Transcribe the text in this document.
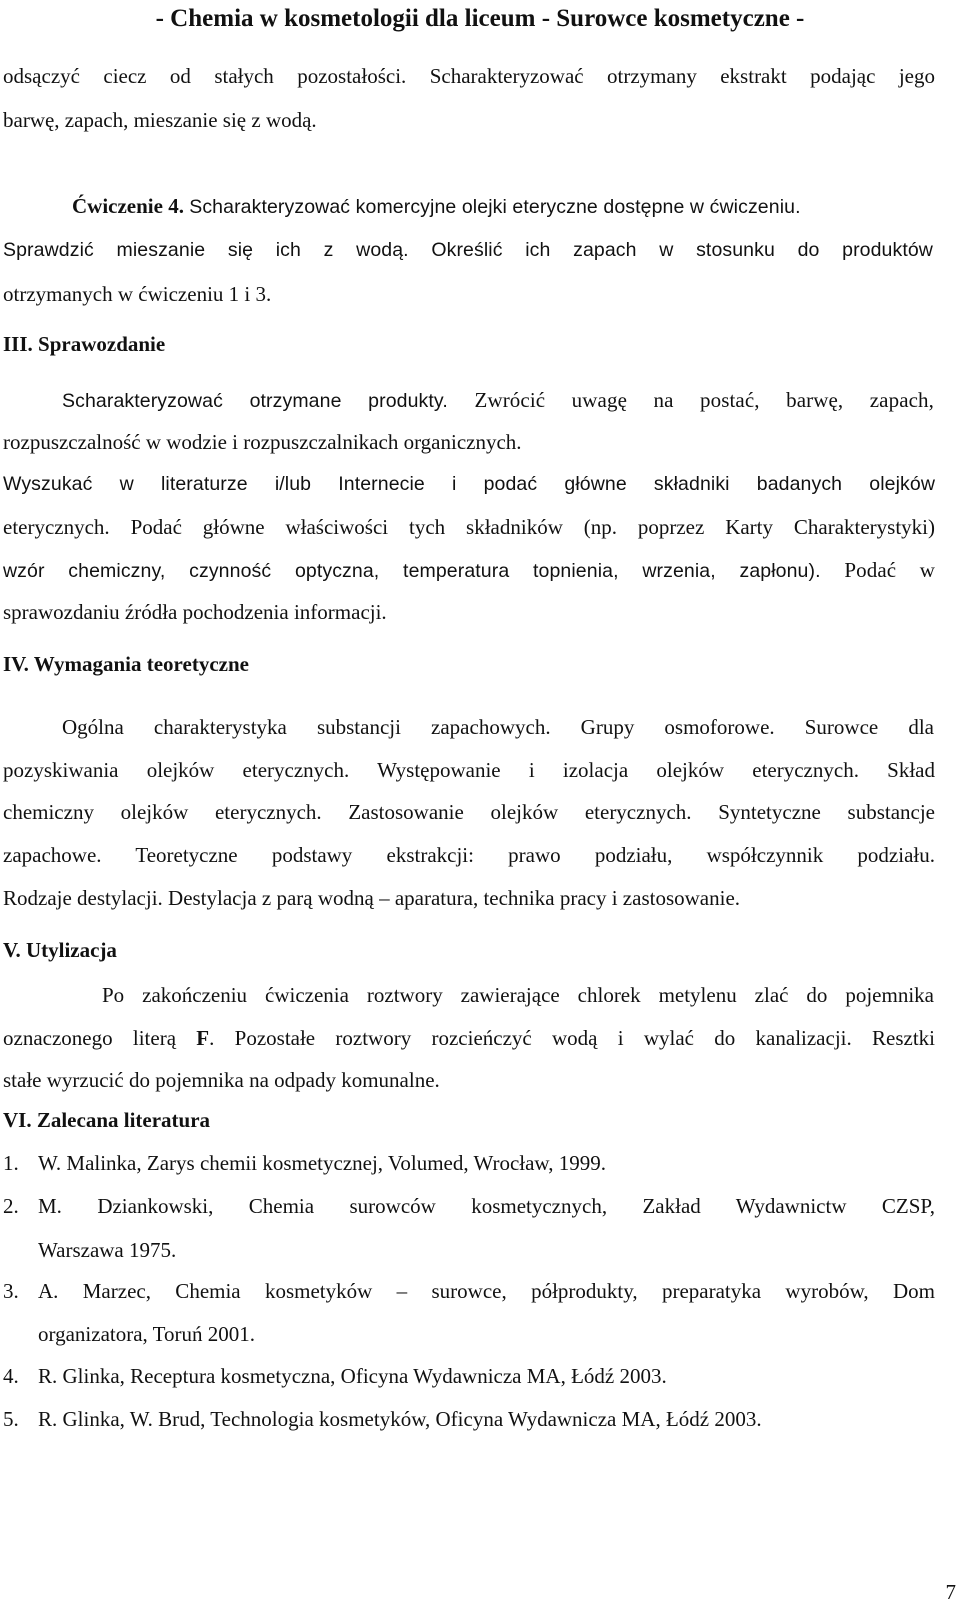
- Chemia w kosmetologii dla liceum - Surowce kosmetyczne -
odsączyć ciecz od stałych pozostałości. Scharakteryzować otrzymany ekstrakt podając jego
barwę, zapach, mieszanie się z wodą.
Ćwiczenie 4. Scharakteryzować komercyjne olejki eteryczne dostępne w ćwiczeniu.
Sprawdzić mieszanie się ich z wodą. Określić ich zapach w stosunku do produktów
otrzymanych w ćwiczeniu 1 i 3.
III. Sprawozdanie
Scharakteryzować otrzymane produkty. Zwrócić uwagę na postać, barwę, zapach,
rozpuszczalność w wodzie i rozpuszczalnikach organicznych.
Wyszukać w literaturze i/lub Internecie i podać główne składniki badanych olejków
eterycznych. Podać główne właściwości tych składników (np. poprzez Karty Charakterystyki)
wzór chemiczny, czynność optyczna, temperatura topnienia, wrzenia, zapłonu). Podać w
sprawozdaniu źródła pochodzenia informacji.
IV. Wymagania teoretyczne
Ogólna charakterystyka substancji zapachowych. Grupy osmoforowe. Surowce dla
pozyskiwania olejków eterycznych. Występowanie i izolacja olejków eterycznych. Skład
chemiczny olejków eterycznych. Zastosowanie olejków eterycznych. Syntetyczne substancje
zapachowe. Teoretyczne podstawy ekstrakcji: prawo podziału, współczynnik podziału.
Rodzaje destylacji. Destylacja z parą wodną – aparatura, technika pracy i zastosowanie.
V. Utylizacja
Po zakończeniu ćwiczenia roztwory zawierające chlorek metylenu zlać do pojemnika
oznaczonego literą F. Pozostałe roztwory rozcieńczyć wodą i wylać do kanalizacji. Resztki
stałe wyrzucić do pojemnika na odpady komunalne.
VI. Zalecana literatura
1. W. Malinka, Zarys chemii kosmetycznej, Volumed, Wrocław, 1999.
2. M. Dziankowski, Chemia surowców kosmetycznych, Zakład Wydawnictw CZSP,
Warszawa 1975.
3. A. Marzec, Chemia kosmetyków – surowce, półprodukty, preparatyka wyrobów, Dom
organizatora, Toruń 2001.
4. R. Glinka, Receptura kosmetyczna, Oficyna Wydawnicza MA, Łódź 2003.
5. R. Glinka, W. Brud, Technologia kosmetyków, Oficyna Wydawnicza MA, Łódź 2003.
7
